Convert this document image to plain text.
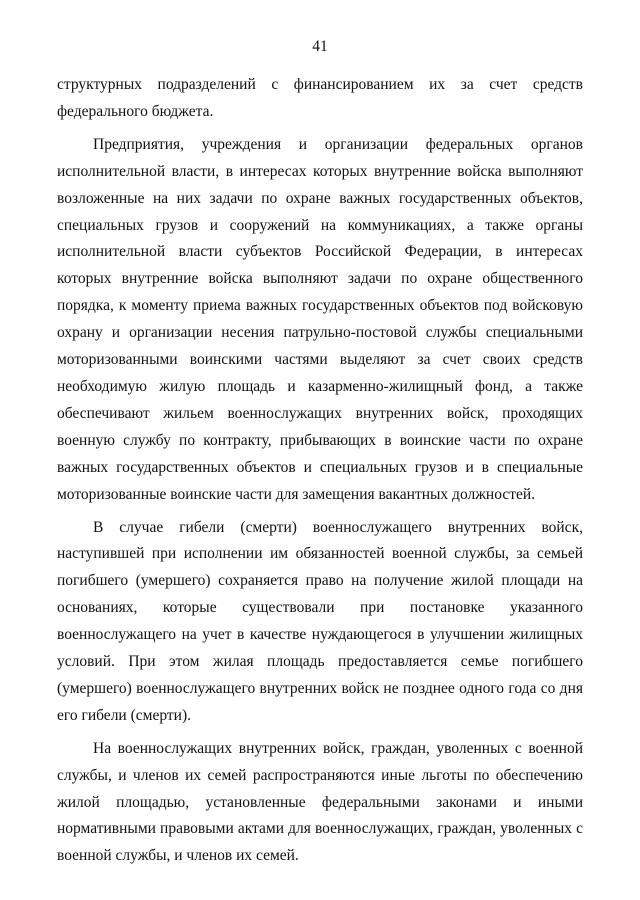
41

структурных подразделений с финансированием их за счет средств федерального бюджета.

Предприятия, учреждения и организации федеральных органов исполнительной власти, в интересах которых внутренние войска выполняют возложенные на них задачи по охране важных государственных объектов, специальных грузов и сооружений на коммуникациях, а также органы исполнительной власти субъектов Российской Федерации, в интересах которых внутренние войска выполняют задачи по охране общественного порядка, к моменту приема важных государственных объектов под войсковую охрану и организации несения патрульно-постовой службы специальными моторизованными воинскими частями выделяют за счет своих средств необходимую жилую площадь и казарменно-жилищный фонд, а также обеспечивают жильем военнослужащих внутренних войск, проходящих военную службу по контракту, прибывающих в воинские части по охране важных государственных объектов и специальных грузов и в специальные моторизованные воинские части для замещения вакантных должностей.

В случае гибели (смерти) военнослужащего внутренних войск, наступившей при исполнении им обязанностей военной службы, за семьей погибшего (умершего) сохраняется право на получение жилой площади на основаниях, которые существовали при постановке указанного военнослужащего на учет в качестве нуждающегося в улучшении жилищных условий. При этом жилая площадь предоставляется семье погибшего (умершего) военнослужащего внутренних войск не позднее одного года со дня его гибели (смерти).

На военнослужащих внутренних войск, граждан, уволенных с военной службы, и членов их семей распространяются иные льготы по обеспечению жилой площадью, установленные федеральными законами и иными нормативными правовыми актами для военнослужащих, граждан, уволенных с военной службы, и членов их семей.
